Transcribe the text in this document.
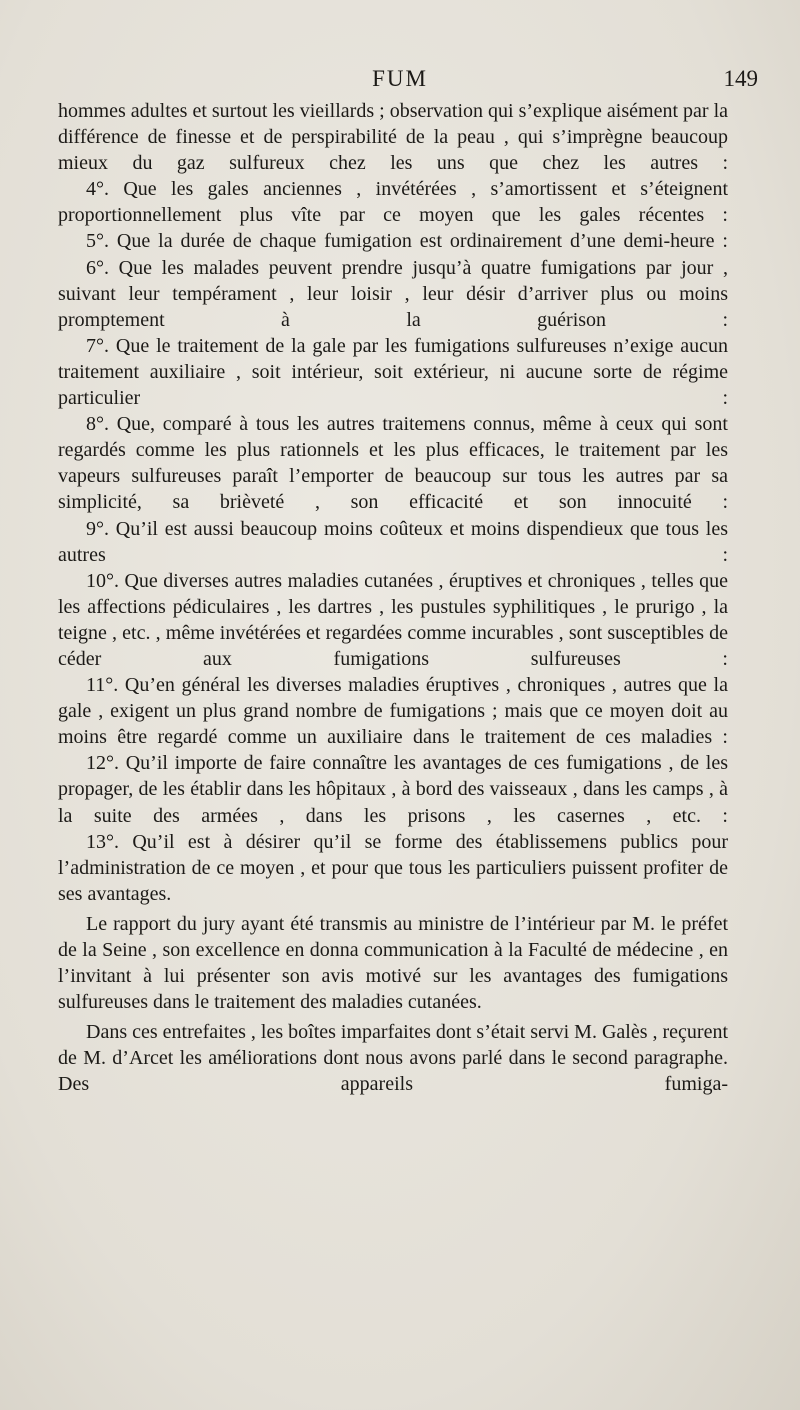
FUM	149

hommes adultes et surtout les vieillards ; observation qui s’explique aisément par la différence de finesse et de perspirabilité de la peau , qui s’imprègne beaucoup mieux du gaz sulfureux chez les uns que chez les autres :

4°. Que les gales anciennes , invétérées , s’amortissent et s’éteignent proportionnellement plus vîte par ce moyen que les gales récentes :

5°. Que la durée de chaque fumigation est ordinairement d’une demi-heure :

6°. Que les malades peuvent prendre jusqu’à quatre fumigations par jour , suivant leur tempérament , leur loisir , leur désir d’arriver plus ou moins promptement à la guérison :

7°. Que le traitement de la gale par les fumigations sulfureuses n’exige aucun traitement auxiliaire , soit intérieur, soit extérieur, ni aucune sorte de régime particulier :

8°. Que, comparé à tous les autres traitemens connus, même à ceux qui sont regardés comme les plus rationnels et les plus efficaces, le traitement par les vapeurs sulfureuses paraît l’emporter de beaucoup sur tous les autres par sa simplicité, sa brièveté , son efficacité et son innocuité :

9°. Qu’il est aussi beaucoup moins coûteux et moins dispendieux que tous les autres :

10°. Que diverses autres maladies cutanées , éruptives et chroniques , telles que les affections pédiculaires , les dartres , les pustules syphilitiques , le prurigo , la teigne , etc. , même invétérées et regardées comme incurables , sont susceptibles de céder aux fumigations sulfureuses :

11°. Qu’en général les diverses maladies éruptives , chroniques , autres que la gale , exigent un plus grand nombre de fumigations ; mais que ce moyen doit au moins être regardé comme un auxiliaire dans le traitement de ces maladies :

12°. Qu’il importe de faire connaître les avantages de ces fumigations , de les propager, de les établir dans les hôpitaux , à bord des vaisseaux , dans les camps , à la suite des armées , dans les prisons , les casernes , etc. :

13°. Qu’il est à désirer qu’il se forme des établissemens publics pour l’administration de ce moyen , et pour que tous les particuliers puissent profiter de ses avantages.

Le rapport du jury ayant été transmis au ministre de l’intérieur par M. le préfet de la Seine , son excellence en donna communication à la Faculté de médecine , en l’invitant à lui présenter son avis motivé sur les avantages des fumigations sulfureuses dans le traitement des maladies cutanées.

Dans ces entrefaites , les boîtes imparfaites dont s’était servi M. Galès , reçurent de M. d’Arcet les améliorations dont nous avons parlé dans le second paragraphe. Des appareils fumiga-
